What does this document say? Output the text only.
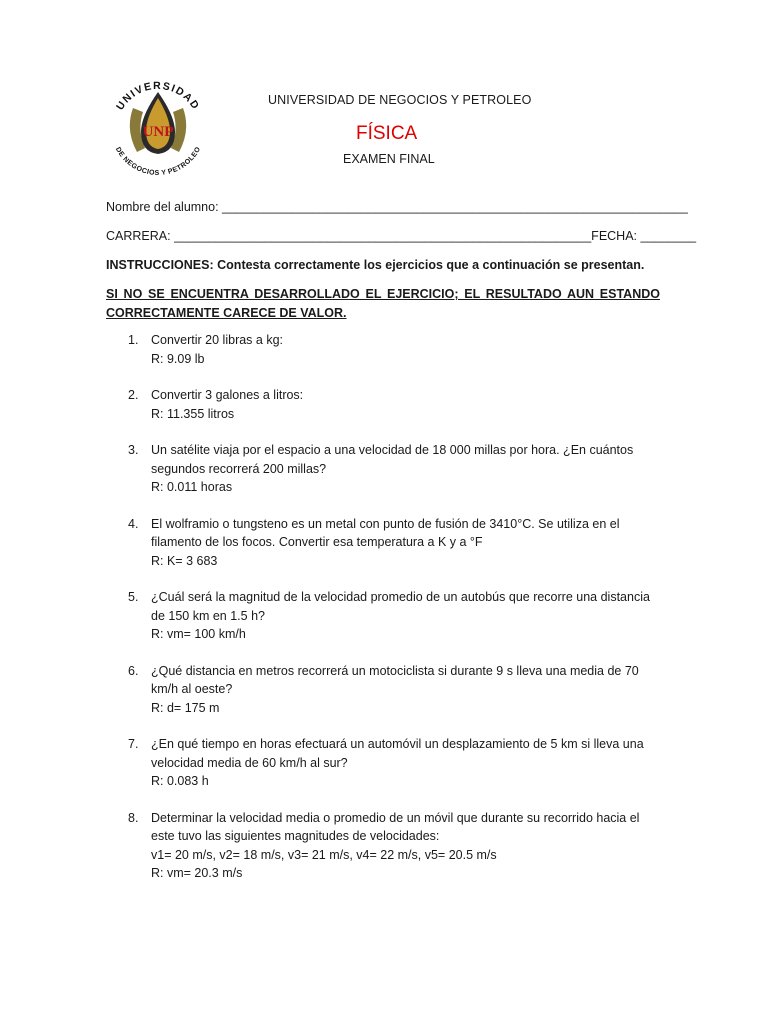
UNP
UNIVERSIDAD
DE NEGOCIOS Y PETROLEO
UNIVERSIDAD DE NEGOCIOS Y PETROLEO
FÍSICA
EXAMEN FINAL
Nombre del alumno: ___________________________________________________________________
CARRERA: ____________________________________________________________FECHA: ________
INSTRUCCIONES: Contesta correctamente los ejercicios que a continuación se presentan.
SI NO SE ENCUENTRA DESARROLLADO EL EJERCICIO; EL RESULTADO AUN ESTANDO CORRECTAMENTE CARECE DE VALOR.
1. Convertir 20 libras a kg:
R: 9.09 lb
2. Convertir 3 galones a litros:
R: 11.355 litros
3. Un satélite viaja por el espacio a una velocidad de 18 000 millas por hora. ¿En cuántos segundos recorrerá 200 millas?
R: 0.011 horas
4. El wolframio o tungsteno es un metal con punto de fusión de 3410°C. Se utiliza en el filamento de los focos. Convertir esa temperatura a K y a °F
R: K= 3 683
5. ¿Cuál será la magnitud de la velocidad promedio de un autobús que recorre una distancia de 150 km en 1.5 h?
R: vm= 100 km/h
6. ¿Qué distancia en metros recorrerá un motociclista si durante 9 s lleva una media de 70 km/h al oeste?
R: d= 175 m
7. ¿En qué tiempo en horas efectuará un automóvil un desplazamiento de 5 km si lleva una velocidad media de 60 km/h al sur?
R: 0.083 h
8. Determinar la velocidad media o promedio de un móvil que durante su recorrido hacia el este tuvo las siguientes magnitudes de velocidades:
v1= 20 m/s, v2= 18 m/s, v3= 21 m/s, v4= 22 m/s, v5= 20.5 m/s
R: vm= 20.3 m/s
